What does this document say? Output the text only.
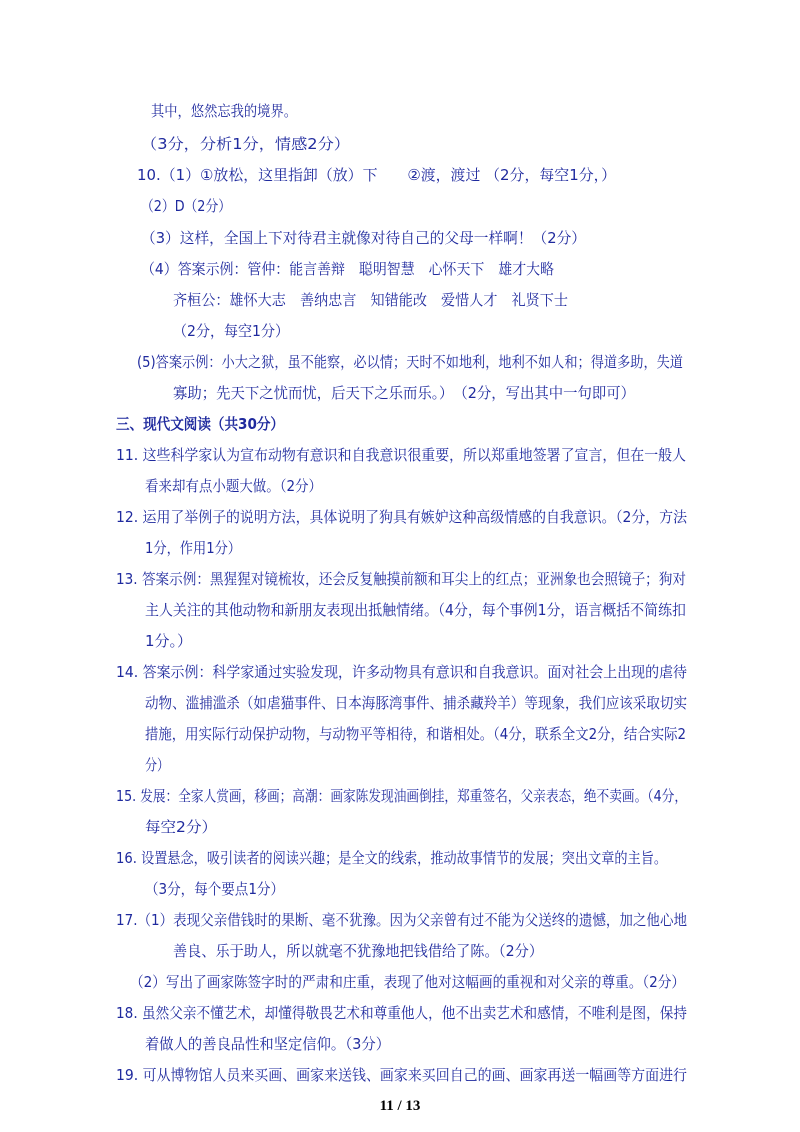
其中，悠然忘我的境界。
（3分，分析1分，情感2分）
10.（1）①放松，这里指卸（放）下　　②渡，渡过 （2分，每空1分，）
（2）D（2分）
（3）这样，全国上下对待君主就像对待自己的父母一样啊！（2分）
（4）答案示例：管仲：能言善辩　聪明智慧　心怀天下　雄才大略
齐桓公：雄怀大志　善纳忠言　知错能改　爱惜人才　礼贤下士
（2分，每空1分）
(5)答案示例：小大之狱，虽不能察，必以情；天时不如地利，地利不如人和；得道多助，失道
寡助；先天下之忧而忧，后天下之乐而乐。）　（2分，写出其中一句即可）
三、现代文阅读（共30分）
11. 这些科学家认为宣布动物有意识和自我意识很重要，所以郑重地签署了宣言，但在一般人
看来却有点小题大做。（2分）
12. 运用了举例子的说明方法，具体说明了狗具有嫉妒这种高级情感的自我意识。（2分，方法
1分，作用1分）
13. 答案示例：黑猩猩对镜梳妆，还会反复触摸前额和耳尖上的红点；亚洲象也会照镜子；狗对
主人关注的其他动物和新朋友表现出抵触情绪。（4分，每个事例1分，语言概括不简练扣
1分。）
14. 答案示例：科学家通过实验发现，许多动物具有意识和自我意识。面对社会上出现的虐待
动物、滥捕滥杀（如虐猫事件、日本海豚湾事件、捕杀藏羚羊）等现象，我们应该采取切实
措施，用实际行动保护动物，与动物平等相待，和谐相处。（4分，联系全文2分，结合实际2
分）
15. 发展：全家人赏画，移画；高潮：画家陈发现油画倒挂，郑重签名，父亲表态，绝不卖画。（4分，
每空2分）
16. 设置悬念，吸引读者的阅读兴趣；是全文的线索，推动故事情节的发展；突出文章的主旨。
（3分，每个要点1分）
17.（1）表现父亲借钱时的果断、毫不犹豫。因为父亲曾有过不能为父送终的遗憾，加之他心地
善良、乐于助人，所以就毫不犹豫地把钱借给了陈。（2分）
（2）写出了画家陈签字时的严肃和庄重，表现了他对这幅画的重视和对父亲的尊重。（2分）
18. 虽然父亲不懂艺术，却懂得敬畏艺术和尊重他人，他不出卖艺术和感情，不唯利是图，保持
着做人的善良品性和坚定信仰。（3分）
19. 可从博物馆人员来买画、画家来送钱、画家来买回自己的画、画家再送一幅画等方面进行
11 / 13
